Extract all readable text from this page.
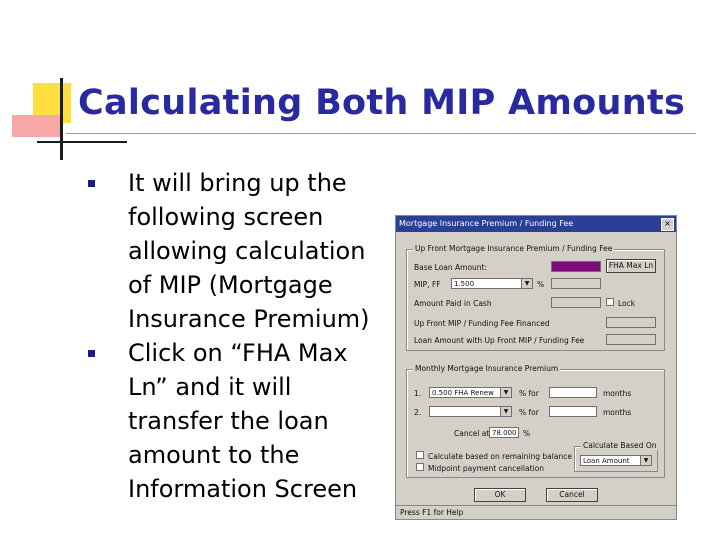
Calculating Both MIP Amounts
It will bring up the following screen allowing calculation of MIP (Mortgage Insurance Premium)
Click on “FHA Max Ln” and it will transfer the loan amount to the Information Screen
Mortgage Insurance Premium / Funding Fee	×
Up Front Mortgage Insurance Premium / Funding Fee
Base Loan Amount:	FHA Max Ln
MIP, FF	1.500	▼	%
Amount Paid in Cash	Lock
Up Front MIP / Funding Fee Financed
Loan Amount with Up Front MIP / Funding Fee
Monthly Mortgage Insurance Premium
1.	0.500 FHA Renew	▼	% for	months
2.	▼	% for	months
Cancel at 78.000 %
Calculate based on remaining balance
Midpoint payment cancellation
Calculate Based On
Loan Amount	▼
OK	Cancel
Press F1 for Help
